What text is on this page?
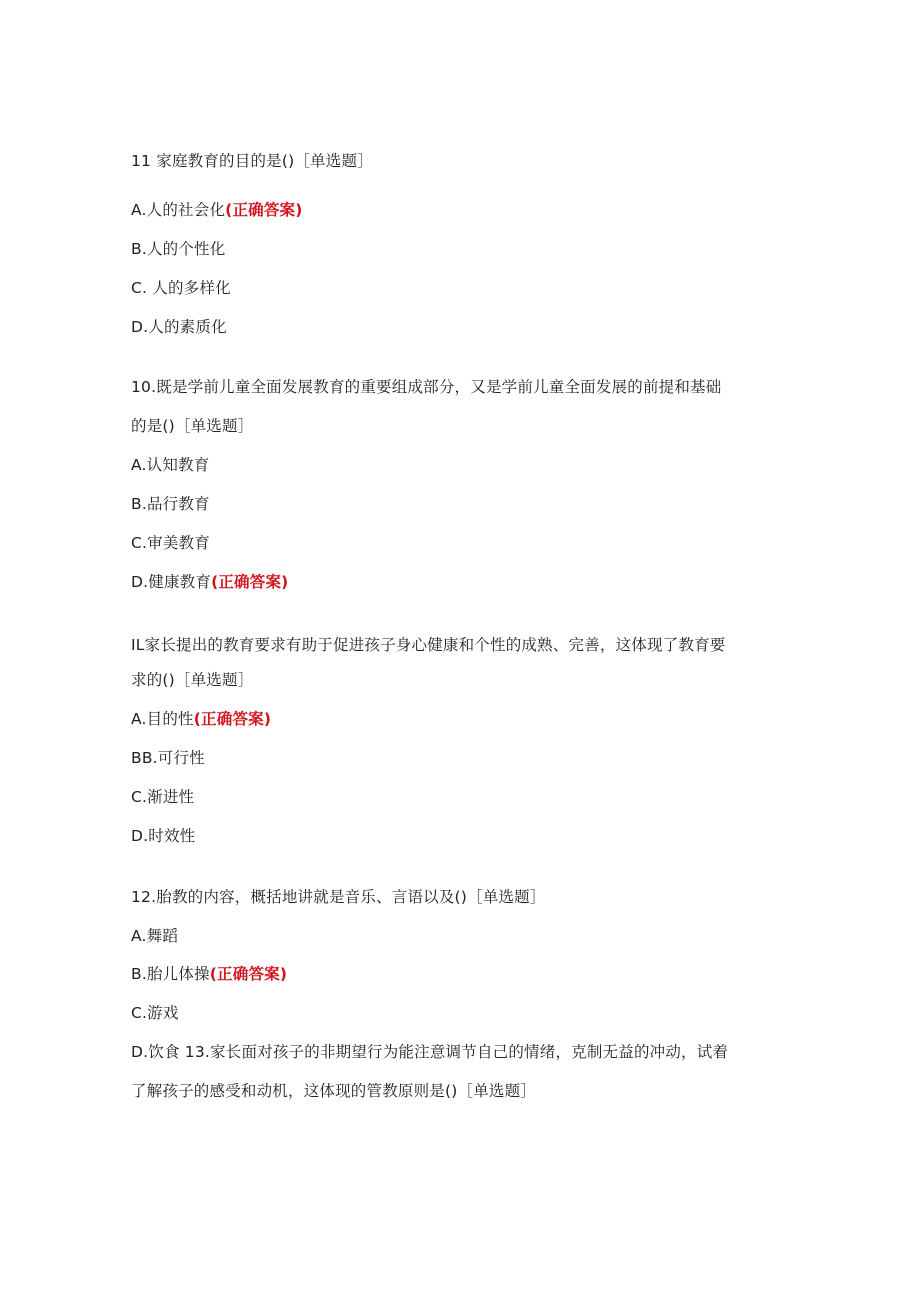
11 家庭教育的目的是()［单选题］
A.人的社会化(正确答案)
B.人的个性化
C. 人的多样化
D.人的素质化
10.既是学前儿童全面发展教育的重要组成部分，又是学前儿童全面发展的前提和基础
的是()［单选题］
A.认知教育
B.品行教育
C.审美教育
D.健康教育(正确答案)
IL家长提出的教育要求有助于促进孩子身心健康和个性的成熟、完善，这体现了教育要
求的()［单选题］
A.目的性(正确答案)
BB.可行性
C.渐进性
D.时效性
12.胎教的内容，概括地讲就是音乐、言语以及()［单选题］
A.舞蹈
B.胎儿体操(正确答案)
C.游戏
D.饮食 13.家长面对孩子的非期望行为能注意调节自己的情绪，克制无益的冲动，试着
了解孩子的感受和动机，这体现的管教原则是()［单选题］
